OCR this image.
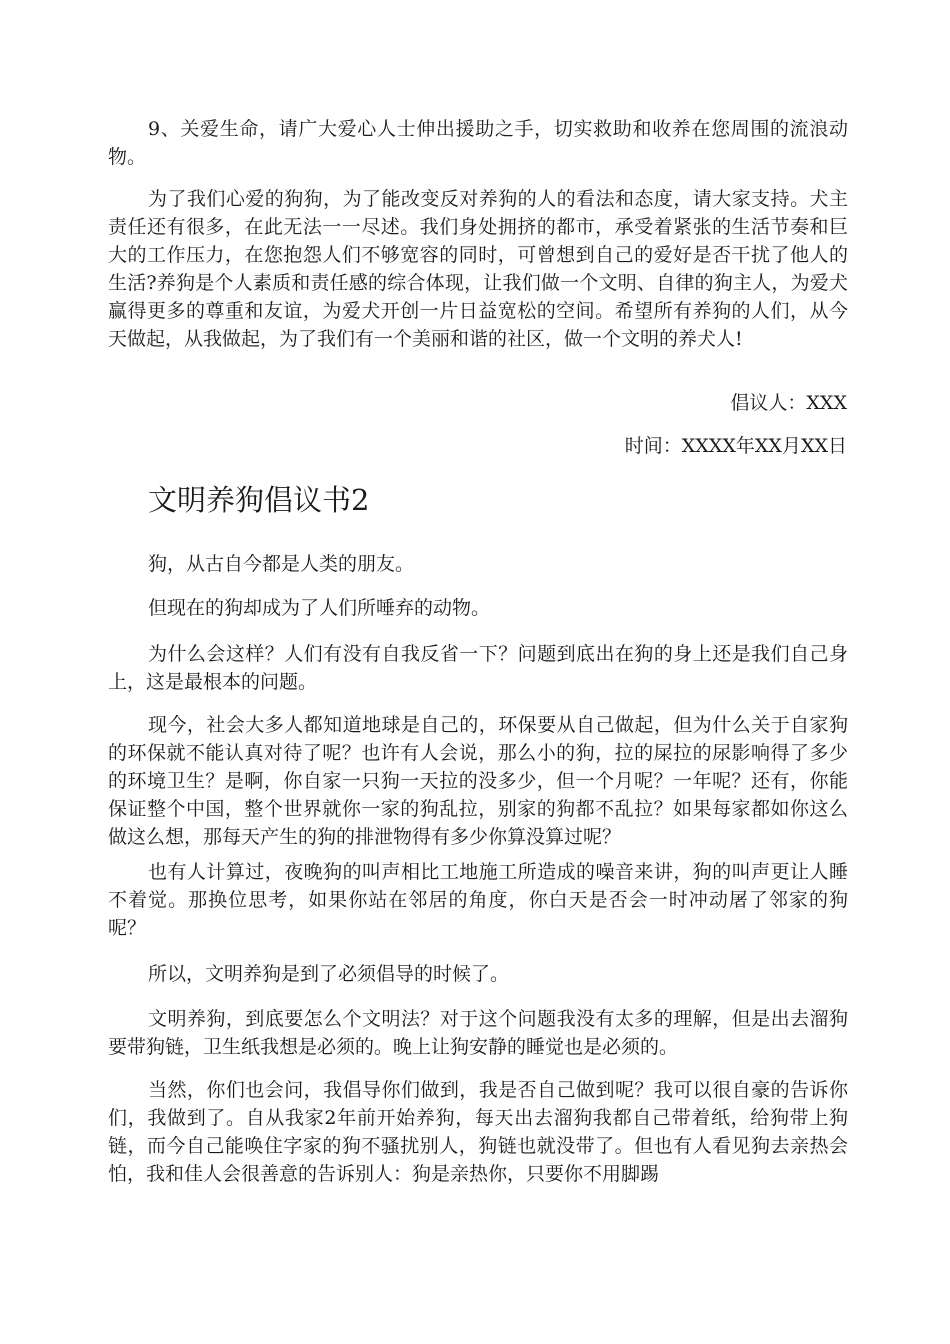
9、关爱生命，请广大爱心人士伸出援助之手，切实救助和收养在您周围的流浪动物。

为了我们心爱的狗狗，为了能改变反对养狗的人的看法和态度，请大家支持。犬主责任还有很多，在此无法一一尽述。我们身处拥挤的都市，承受着紧张的生活节奏和巨大的工作压力，在您抱怨人们不够宽容的同时，可曾想到自己的爱好是否干扰了他人的生活?养狗是个人素质和责任感的综合体现，让我们做一个文明、自律的狗主人，为爱犬赢得更多的尊重和友谊，为爱犬开创一片日益宽松的空间。希望所有养狗的人们，从今天做起，从我做起，为了我们有一个美丽和谐的社区，做一个文明的养犬人!

倡议人：XXX

时间：XXXX年XX月XX日

文明养狗倡议书2

狗，从古自今都是人类的朋友。

但现在的狗却成为了人们所唾弃的动物。

为什么会这样？人们有没有自我反省一下？问题到底出在狗的身上还是我们自己身上，这是最根本的问题。

现今，社会大多人都知道地球是自己的，环保要从自己做起，但为什么关于自家狗的环保就不能认真对待了呢？也许有人会说，那么小的狗，拉的屎拉的尿影响得了多少的环境卫生？是啊，你自家一只狗一天拉的没多少，但一个月呢？一年呢？还有，你能保证整个中国，整个世界就你一家的狗乱拉，别家的狗都不乱拉？如果每家都如你这么做这么想，那每天产生的狗的排泄物得有多少你算没算过呢？

也有人计算过，夜晚狗的叫声相比工地施工所造成的噪音来讲，狗的叫声更让人睡不着觉。那换位思考，如果你站在邻居的角度，你白天是否会一时冲动屠了邻家的狗呢？

所以，文明养狗是到了必须倡导的时候了。

文明养狗，到底要怎么个文明法？对于这个问题我没有太多的理解，但是出去溜狗要带狗链，卫生纸我想是必须的。晚上让狗安静的睡觉也是必须的。

当然，你们也会问，我倡导你们做到，我是否自己做到呢？我可以很自豪的告诉你们，我做到了。自从我家2年前开始养狗，每天出去溜狗我都自己带着纸，给狗带上狗链，而今自己能唤住字家的狗不骚扰别人，狗链也就没带了。但也有人看见狗去亲热会怕，我和佳人会很善意的告诉别人：狗是亲热你，只要你不用脚踢
